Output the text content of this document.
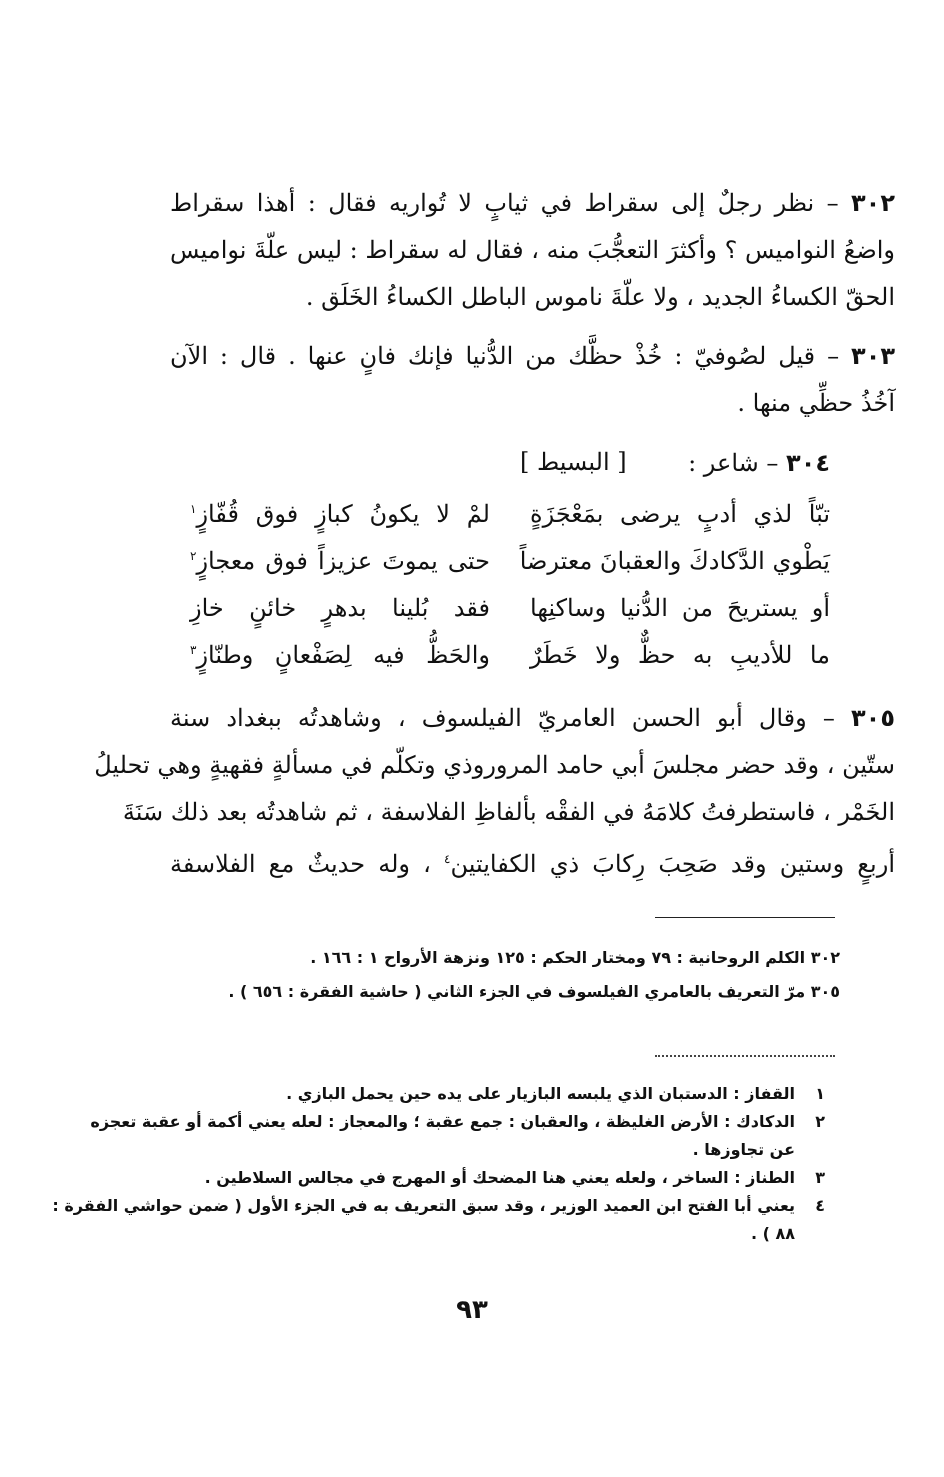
٣٠٢ – نظر رجلٌ إلى سقراط في ثيابٍ لا تُواريه فقال : أهذا سقراط
واضعُ النواميس ؟ وأكثرَ التعجُّبَ منه ، فقال له سقراط : ليس علّةَ نواميس
الحقّ الكساءُ الجديد ، ولا علّةَ ناموس الباطل الكساءُ الخَلَق .
٣٠٣ – قيل لصُوفيّ : خُذْ حظَّك من الدُّنيا فإنك فانٍ عنها . قال : الآن
آخُذُ حظِّي منها .
٣٠٤ – شاعر :
[ البسيط ]
تبّاً لذي أدبٍ يرضى بمَعْجَزَةٍ
لمْ لا يكونُ كبازٍ فوق قُفّازٍ$^١$
يَطْوي الدَّكادكَ والعقبانَ معترضاً
حتى يموتَ عزيزاً فوق معجازٍ$^٢$
أو يستريحَ من الدُّنيا وساكنِها
فقد بُلينا بدهرٍ خائنٍ خازِ
ما للأديبِ به حظٌّ ولا خَطَرٌ
والحَظُّ فيه لِصَفْعانٍ وطنّازٍ$^٣$
٣٠٥ – وقال أبو الحسن العامريّ الفيلسوف ، وشاهدتُه ببغداد سنة
ستّين ، وقد حضر مجلسَ أبي حامد المروروذي وتكلّم في مسألةٍ فقهيةٍ وهي تحليلُ
الخَمْر ، فاستطرفتُ كلامَهُ في الفقْه بألفاظِ الفلاسفة ، ثم شاهدتُه بعد ذلك سَنَةَ
أربعٍ وستين وقد صَحِبَ رِكابَ ذي الكفايتين$^٤$ ، وله حديثٌ مع الفلاسفة
٣٠٢ الكلم الروحانية : ٧٩ ومختار الحكم : ١٢٥ ونزهة الأرواح ١ : ١٦٦ .
٣٠٥ مرّ التعريف بالعامري الفيلسوف في الجزء الثاني ( حاشية الفقرة : ٦٥٦ ) .
١
القفاز : الدستبان الذي يلبسه البازيار على يده حين يحمل البازي .
٢
الدكادك : الأرض الغليظة ، والعقبان : جمع عقبة ؛ والمعجاز : لعله يعني أكمة أو عقبة تعجزه
عن تجاوزها .
٣
الطناز : الساخر ، ولعله يعني هنا المضحك أو المهرج في مجالس السلاطين .
٤
يعني أبا الفتح ابن العميد الوزير ، وقد سبق التعريف به في الجزء الأول ( ضمن حواشي الفقرة :
٨٨ ) .
٩٣
